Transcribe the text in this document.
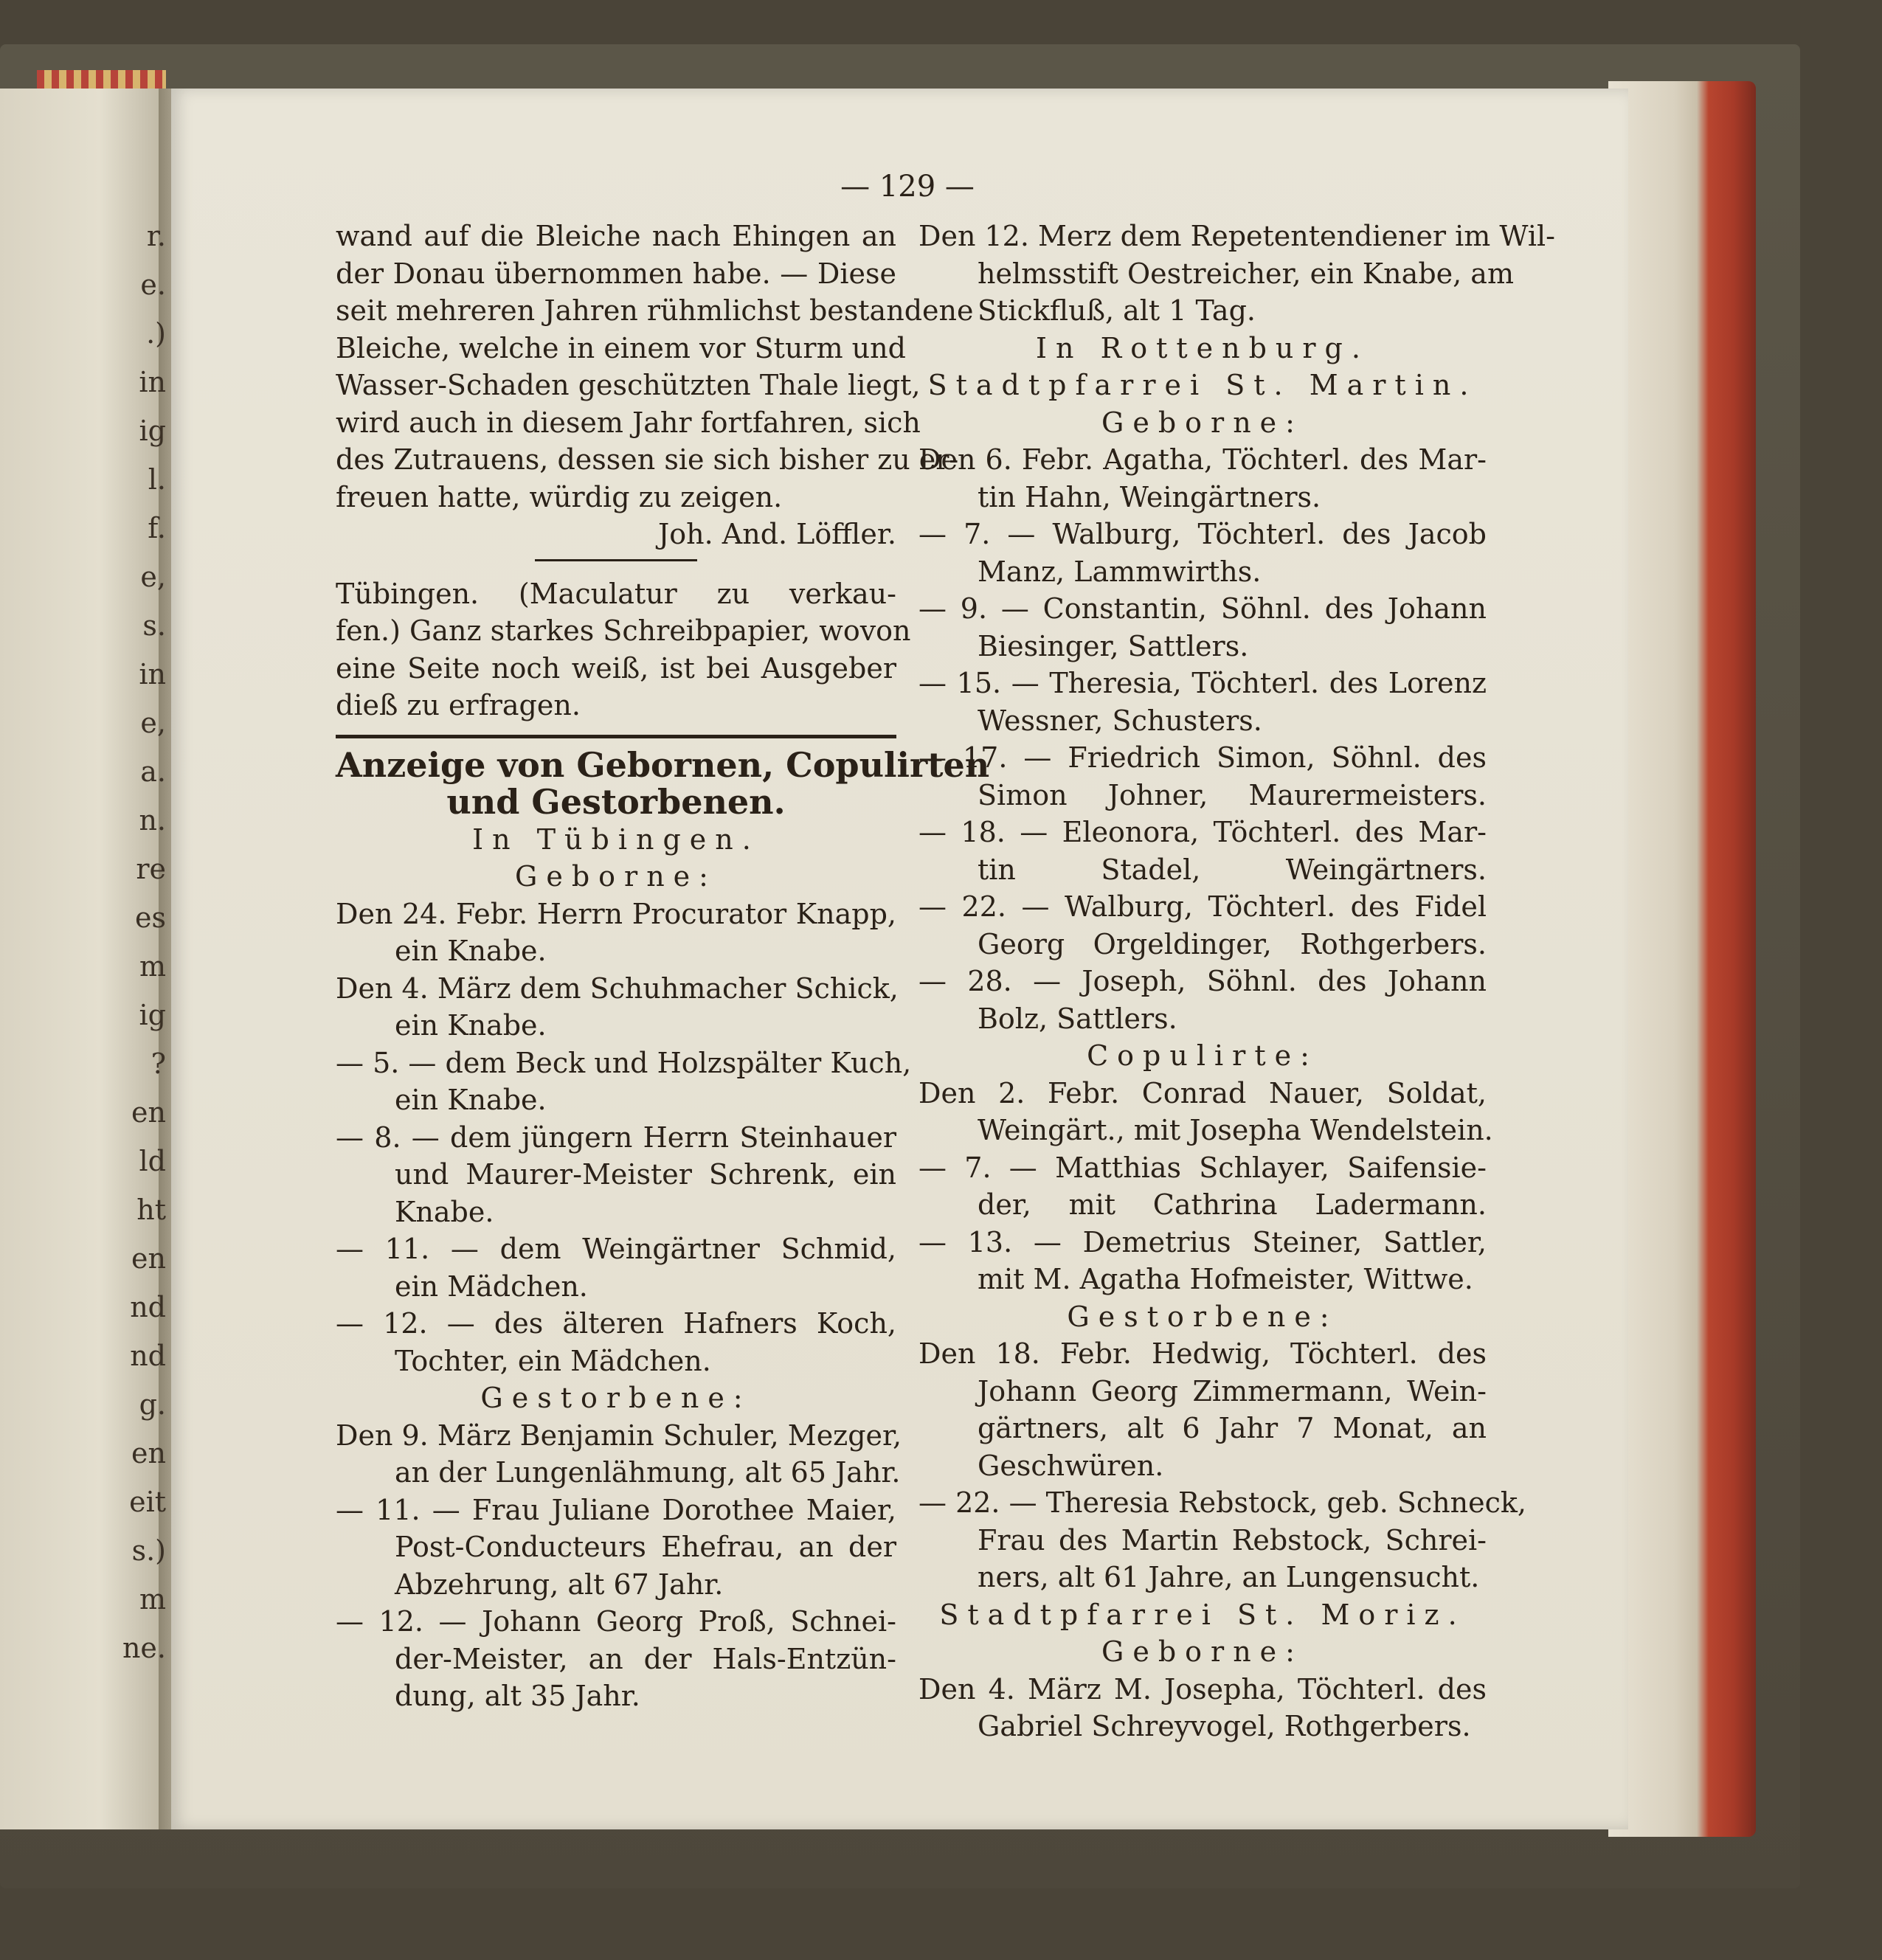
r.
e.
.)
in
ig
l.
f.
e,
s.
in
e,
a.
n.
re
es
m
ig
?
en
ld
ht
en
nd
nd
g.
en
eit
s.)
m
ne.
— 129 —
wand auf die Bleiche nach Ehingen an
der Donau übernommen habe. — Diese
seit mehreren Jahren rühmlichst bestandene
Bleiche, welche in einem vor Sturm und
Wasser-Schaden geschützten Thale liegt,
wird auch in diesem Jahr fortfahren, sich
des Zutrauens, dessen sie sich bisher zu er-
freuen hatte, würdig zu zeigen.
Joh. And. Löffler.
Tübingen. (Maculatur zu verkau-
fen.) Ganz starkes Schreibpapier, wovon
eine Seite noch weiß, ist bei Ausgeber
dieß zu erfragen.
Anzeige von Gebornen, Copulirten
und Gestorbenen.
In Tübingen.
Geborne:
Den 24. Febr. Herrn Procurator Knapp,
ein Knabe.
Den 4. März dem Schuhmacher Schick,
ein Knabe.
— 5. — dem Beck und Holzspälter Kuch,
ein Knabe.
— 8. — dem jüngern Herrn Steinhauer
und Maurer-Meister Schrenk, ein
Knabe.
— 11. — dem Weingärtner Schmid,
ein Mädchen.
— 12. — des älteren Hafners Koch,
Tochter, ein Mädchen.
Gestorbene:
Den 9. März Benjamin Schuler, Mezger,
an der Lungenlähmung, alt 65 Jahr.
— 11. — Frau Juliane Dorothee Maier,
Post-Conducteurs Ehefrau, an der
Abzehrung, alt 67 Jahr.
— 12. — Johann Georg Proß, Schnei-
der-Meister, an der Hals-Entzün-
dung, alt 35 Jahr.
Den 12. Merz dem Repetentendiener im Wil-
helmsstift Oestreicher, ein Knabe, am
Stickfluß, alt 1 Tag.
In Rottenburg.
Stadtpfarrei St. Martin.
Geborne:
Den 6. Febr. Agatha, Töchterl. des Mar-
tin Hahn, Weingärtners.
— 7. — Walburg, Töchterl. des Jacob
Manz, Lammwirths.
— 9. — Constantin, Söhnl. des Johann
Biesinger, Sattlers.
— 15. — Theresia, Töchterl. des Lorenz
Wessner, Schusters.
— 17. — Friedrich Simon, Söhnl. des
Simon Johner, Maurermeisters.
— 18. — Eleonora, Töchterl. des Mar-
tin Stadel, Weingärtners.
— 22. — Walburg, Töchterl. des Fidel
Georg Orgeldinger, Rothgerbers.
— 28. — Joseph, Söhnl. des Johann
Bolz, Sattlers.
Copulirte:
Den 2. Febr. Conrad Nauer, Soldat,
Weingärt., mit Josepha Wendelstein.
— 7. — Matthias Schlayer, Saifensie-
der, mit Cathrina Ladermann.
— 13. — Demetrius Steiner, Sattler,
mit M. Agatha Hofmeister, Wittwe.
Gestorbene:
Den 18. Febr. Hedwig, Töchterl. des
Johann Georg Zimmermann, Wein-
gärtners, alt 6 Jahr 7 Monat, an
Geschwüren.
— 22. — Theresia Rebstock, geb. Schneck,
Frau des Martin Rebstock, Schrei-
ners, alt 61 Jahre, an Lungensucht.
Stadtpfarrei St. Moriz.
Geborne:
Den 4. März M. Josepha, Töchterl. des
Gabriel Schreyvogel, Rothgerbers.
